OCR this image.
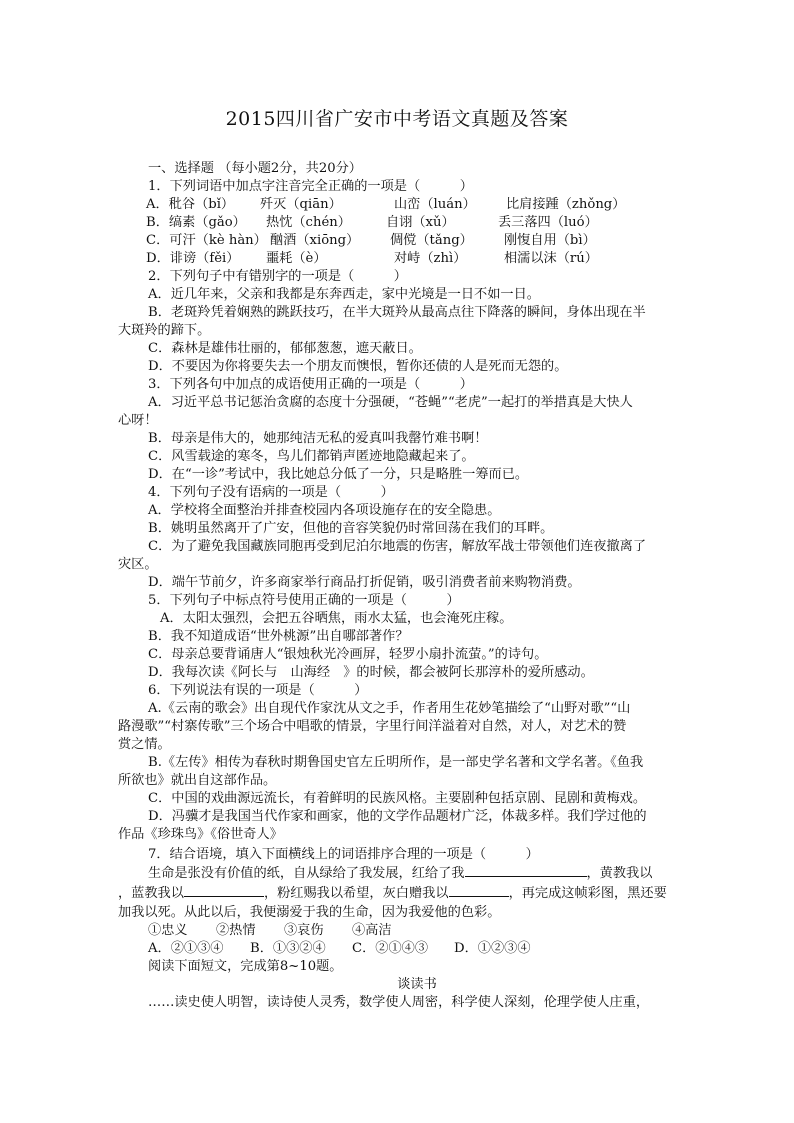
2015四川省广安市中考语文真题及答案
一、选择题 （每小题2分，共20分）
1．下列词语中加点字注音完全正确的一项是（　　　）
A．秕谷（bǐ） 歼灭（qiān）	山峦（luán） 比肩接踵（zhǒng）
B．缟素（gǎo） 热忱（chén）	自诩（xǔ）	丢三落四（luó）
C．可汗（kè hàn） 酗酒（xiōng） 倜傥（tǎng） 刚愎自用（bì）
D．诽谤（fěi） 噩耗（è）	对峙（zhì）	相濡以沫（rú）
2．下列句子中有错别字的一项是（　　　）
A．近几年来，父亲和我都是东奔西走，家中光境是一日不如一日。
B．老斑羚凭着娴熟的跳跃技巧，在半大斑羚从最高点往下降落的瞬间，身体出现在半
大斑羚的蹄下。
C．森林是雄伟壮丽的，郁郁葱葱，遮天蔽日。
D．不要因为你将要失去一个朋友而懊恨，暂你还债的人是死而无怨的。
3．下列各句中加点的成语使用正确的一项是（　　　）
A．习近平总书记惩治贪腐的态度十分强硬，“苍蝇”“老虎”一起打的举措真是大快人
心呀！
B．母亲是伟大的，她那纯洁无私的爱真叫我罄竹难书啊！
C．风雪载途的寒冬，鸟儿们都销声匿迹地隐藏起来了。
D．在“一诊”考试中，我比她总分低了一分，只是略胜一筹而已。
4．下列句子没有语病的一项是（　　　）
A．学校将全面整治并排查校园内各项设施存在的安全隐患。
B．姚明虽然离开了广安，但他的音容笑貌仍时常回荡在我们的耳畔。
C．为了避免我国藏族同胞再受到尼泊尔地震的伤害，解放军战士带领他们连夜撤离了
灾区。
D．端午节前夕，许多商家举行商品打折促销，吸引消费者前来购物消费。
5．下列句子中标点符号使用正确的一项是（　　　）
A．太阳太强烈，会把五谷晒焦，雨水太猛，也会淹死庄稼。
B．我不知道成语“世外桃源”出自哪部著作？
C．母亲总要背诵唐人“银烛秋光冷画屏，轻罗小扇扑流萤。”的诗句。
D．我每次读《阿长与　山海经　》的时候，都会被阿长那淳朴的爱所感动。
6．下列说法有误的一项是（　　　）
A.《云南的歌会》出自现代作家沈从文之手，作者用生花妙笔描绘了“山野对歌”“山
路漫歌”“村寨传歌”三个场合中唱歌的情景，字里行间洋溢着对自然，对人，对艺术的赞
赏之情。
B.《左传》相传为春秋时期鲁国史官左丘明所作，是一部史学名著和文学名著。《鱼我
所欲也》就出自这部作品。
C．中国的戏曲源远流长，有着鲜明的民族风格。主要剧种包括京剧、昆剧和黄梅戏。
D．冯骥才是我国当代作家和画家，他的文学作品题材广泛，体裁多样。我们学过他的
作品《珍珠鸟》《俗世奇人》
7．结合语境，填入下面横线上的词语排序合理的一项是（　　　）
生命是张没有价值的纸，自从绿给了我发展，红给了我	，黄教我以
，蓝教我以	，粉红赐我以希望，灰白赠我以	，再完成这帧彩图，黑还要
加我以死。从此以后，我便溺爱于我的生命，因为我爱他的色彩。
①忠义 ②热情 ③哀伤 ④高洁
A．②①③④ B．①③②④ C．②①④③ D．①②③④
阅读下面短文，完成第8~10题。
谈读书
……读史使人明智，读诗使人灵秀，数学使人周密，科学使人深刻，伦理学使人庄重，
